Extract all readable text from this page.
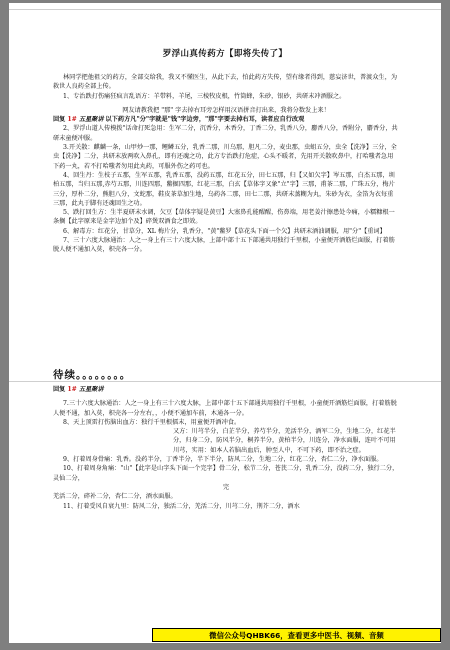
罗浮山真传药方【即将失传了】

林同学把他祖父的药方，全部交给我，我又不懂医生，从此下去，怕此药方失传，望有缘者得到，慈妄济世，普渡众生，为救世人良药全部上传。

1、专治跌打伤痛狂疯言乱语方：羊带料，羊尾，三棱牧皮根，竹筒蜂，朱砂，银砂，共研末冲酒服之。

网友请教我把 "那" 字去掉右耳旁怎样用汉语拼音打出来，我将分数发上来！

回复 1# 五星聚讲 以下药方凡"分"字就是"钱"字边旁，"那"字要去掉右耳，读者应自行改观

2、罗浮山道人传模拨"话命打死急用：生军二分，沉香分，木香分，丁香二分，乳香八分，麝香八分，香附分，麝香分，共研末童便冲服。

3.开关散：麒麟一条，山甲炒一那，鲤鳞五分，乳香二那，川乌那，胆凡二分，麦虫那，虫蛆五分，虫全【洗净】三分，全虫【洗净】二分，共研末放两吹入鼻孔，即有还魂之功，此方专治跌打危症，心头不暖者，先用开关散吹鼻中，打哈嗤者急用下药一丸，若不打哈嗤者勿用此丸药，可服外伤之药可也。

4、回生丹：生枝子五那，生军五那，乳香五那，没药五那，红花五分，田七五那，归【又如欠字】岑五那，白杰五那，圳柏五那，当归五那,赤芍五那，川连四那，鳖掘四那，红花三那，白玄【草体字又象"立"字】三那，甫茶二那，广珠五分，梅片三分，厚朴二分，熊胆八分，文蛇那，鞋皮茶草加生地，乌药各二那，田七二那，共研末蒸糊为丸，朱砂为衣，金箔为衣每重三那，此丸于脚有还魂回生之功。

5、跌打回生方：生半夏研末水调，欠豆【草体字疑是黄豆】大塞鼻孔能醒醒，伤鼻端，用老姜汁擦患处今痛，小糯糠根一条搁【此字原来是金字边加个及】碎煲双酒食之即效。

6、解毒方：红花分，甘草分，XL 梅片分，乳香分，"黄"鳖罗【草花头下面一个欠】共研末酒油调服，用"分"【重词】

7、三十六度大脉通治：人之一身上有三十六度大脉，上部中部十五下部通共用独行千里根，小童便开酒筋烂面服，打着筋脱人便不通加入莫，积壳各一分。

待续。。。。。。。。

回复 1# 五星聚讲

7.三十六度大脉通治：人之一身上有三十六度大脉，上部中部十五下部通共用独行千里根，小童便开酒筋烂面服，打着筋脱人便不通，加入莫，积壳各一分左右，，小便不通加车前，木通各一分。

8、天上顶雷打伤脑出血方：独行千里根擂末，用童便开酒冲食。

又方：川芎半分，白芷半分，养芍半分，羌活半分，酒军二分，生地二分，红花半分，归身二分，防风半分，桐养半分，黄柏半分，川连分，净水面服，连叶不可用川芎，实用：如本人若脑出血后，肿至人中，不可下药，即不治之症。

9、打着周身骨痛：乳香。没药半分，丁香半分，半下半分，防风二分，生地二分，红花二分，杏仁二分，净水面服。

10、打着周身角痛："山"【此字是山字头下面一个完字】骨二分，松节二分，苍芪二分，乳香二分，没药二分，独行二分，灵仙二分，

完

羌活二分，碎补二分，杏仁二分，酒水面服。

11、打着受风自衰九里：防风二分，独活二分，羌活二分，川芎二分，荆芥二分，酒水

微信公众号QHBK66，查看更多中医书、视频、音频
